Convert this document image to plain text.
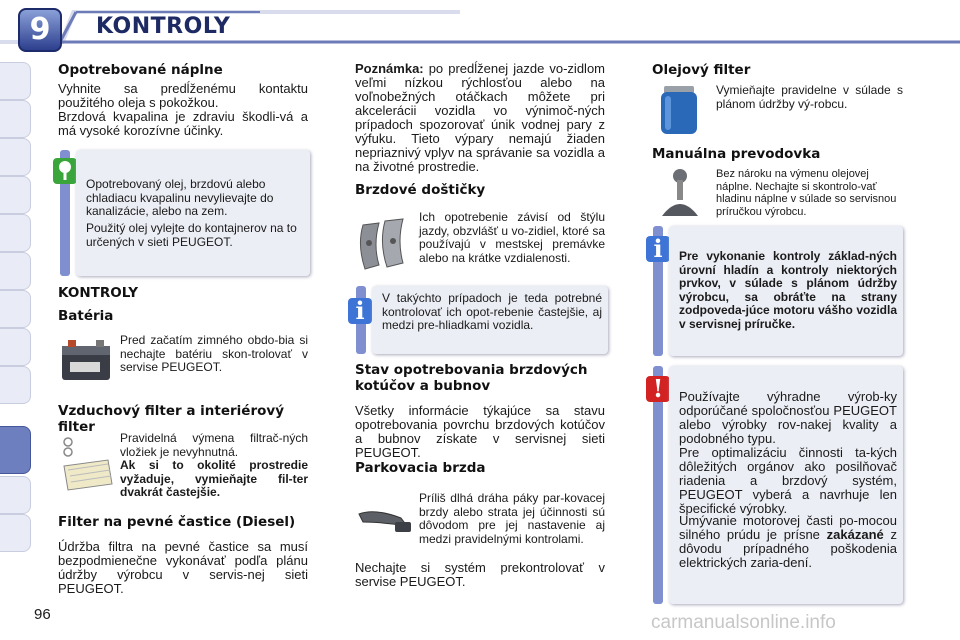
9	KONTROLY
Opotrebované náplne

Vyhnite sa predĺženému kontaktu použitého oleja s pokožkou.

Brzdová kvapalina je zdraviu škodli-vá a má vysoké korozívne účinky.

Opotrebovaný olej, brzdovú alebo chladiacu kvapalinu nevylievajte do kanalizácie, alebo na zem.

Použitý olej vylejte do kontajnerov na to určených v sieti PEUGEOT.

KONTROLY
Batéria

Pred začatím zimného obdo-bia si nechajte batériu skon-trolovať v servise PEUGEOT.

Vzduchový filter a interiérový filter

Pravidelná výmena filtrač-ných vložiek je nevyhnutná.

Ak si to okolité prostredie vyžaduje, vymieňajte fil-ter dvakrát častejšie.

Filter na pevné častice (Diesel)

Údržba filtra na pevné častice sa musí bezpodmienečne vykonávať podľa plánu údržby výrobcu v servis-nej sieti PEUGEOT.

Poznámka: po predĺženej jazde vo-zidlom veľmi nízkou rýchlosťou alebo na voľnobežných otáčkach môžete pri akcelerácii vozidla vo výnimoč-ných prípadoch spozorovať únik vodnej pary z výfuku. Tieto výpary nemajú žiaden nepriaznivý vplyv na správanie sa vozidla a na životné prostredie.

Brzdové doštičky

Ich opotrebenie závisí od štýlu jazdy, obzvlášť u vo-zidiel, ktoré sa používajú v mestskej premávke alebo na krátke vzdialenosti.

i	V takýchto prípadoch je teda potrebné kontrolovať ich opot-rebenie častejšie, aj medzi pre-hliadkami vozidla.

Stav opotrebovania brzdových kotúčov a bubnov

Všetky informácie týkajúce sa stavu opotrebovania povrchu brzdových kotúčov a bubnov získate v servisnej sieti PEUGEOT.

Parkovacia brzda

Príliš dlhá dráha páky par-kovacej brzdy alebo strata jej účinnosti sú dôvodom pre jej nastavenie aj medzi pravidelnými kontrolami.

Nechajte si systém prekontrolovať v servise PEUGEOT.

Olejový filter

Vymieňajte pravidelne v súlade s plánom údržby vý-robcu.

Manuálna prevodovka

Bez nároku na výmenu olejovej náplne. Nechajte si skontrolo-vať hladinu náplne v súlade so servisnou príručkou výrobcu.

i	Pre vykonanie kontroly základ-ných úrovní hladín a kontroly niektorých prvkov, v súlade s plánom údržby výrobcu, sa obráťte na strany zodpoveda-júce motoru vášho vozidla v servisnej príručke.

!	Používajte výhradne výrob-ky odporúčané spoločnosťou PEUGEOT alebo výrobky rov-nakej kvality a podobného typu.

Pre optimalizáciu činnosti ta-kých dôležitých orgánov ako posilňovač riadenia a brzdový systém, PEUGEOT vyberá a navrhuje len špecifické výrobky.

Umývanie motorovej časti po-mocou silného prúdu je prísne zakázané z dôvodu prípadného poškodenia elektrických zaria-dení.

96	carmanualsonline.info
